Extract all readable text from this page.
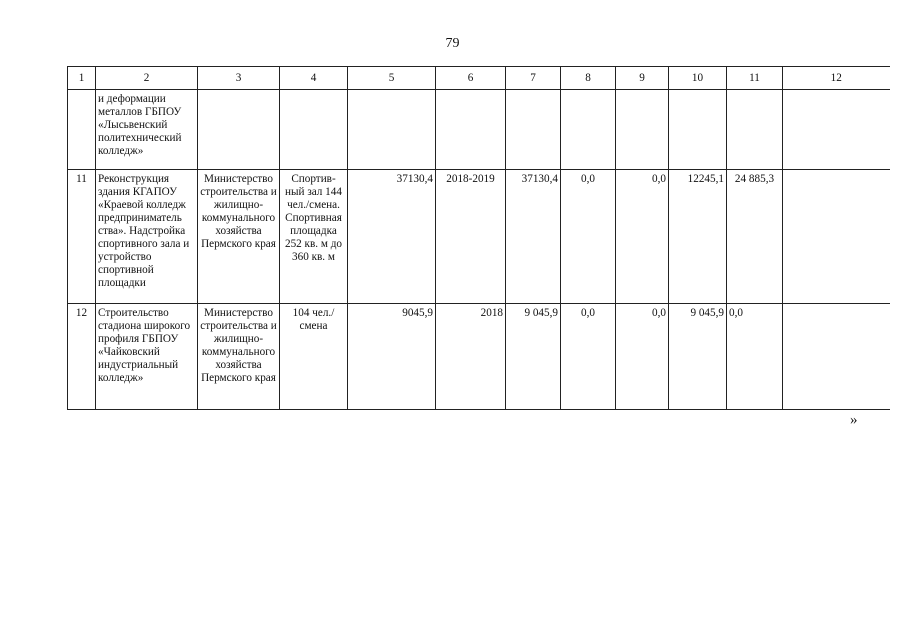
79
1	2	3	4	5	6	7	8	9	10	11	12
	и деформации металлов ГБПОУ «Лысьвенский политехнический колледж»										
11	Реконструкция здания КГАПОУ «Краевой колледж предприниматель ства». Надстройка спортивного зала и устройство спортивной площадки	Министерство строительства и жилищно-коммунального хозяйства Пермского края	Спортив-ный зал 144 чел./смена. Спортивная площадка 252 кв. м до 360 кв. м	37130,4	2018-2019	37130,4	0,0	0,0	12245,1	24 885,3	
12	Строительство стадиона широкого профиля ГБПОУ «Чайковский индустриальный колледж»	Министерство строительства и жилищно-коммунального хозяйства Пермского края	104 чел./смена	9045,9	2018	9 045,9	0,0	0,0	9 045,9	0,0	
»
